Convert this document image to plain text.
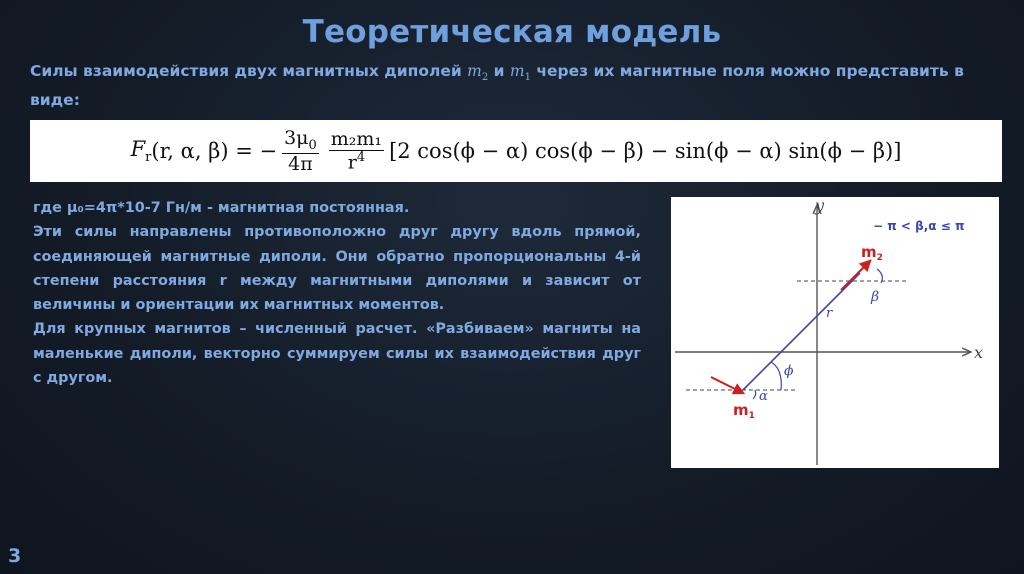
Теоретическая модель
Силы взаимодействия двух магнитных диполей $m_2$ и $m_1$ через их магнитные поля можно представить в виде:
$F_r$ (r, α, β) = − $\frac{3\mu_0}{4\pi} \frac{\text{m₂m₁}}{r^4} [2$ cos(ϕ − α) cos(ϕ − β) − sin(ϕ − α) sin(ϕ − β)]

где μ₀=4π*10-7 Гн/м - магнитная постоянная.

Эти силы направлены противоположно друг другу вдоль прямой, соединяющей магнитные диполи. Они обратно пропорциональны 4-й степени расстояния r между магнитными диполями и зависит от величины и ориентации их магнитных моментов.

Для крупных магнитов – численный расчет. «Разбиваем» магниты на маленькие диполи, векторно суммируем силы их взаимодействия друг с другом.

y
x
− π < β,α ≤ π
r
$m_2$
β
$m_1$
α
ϕ
3
